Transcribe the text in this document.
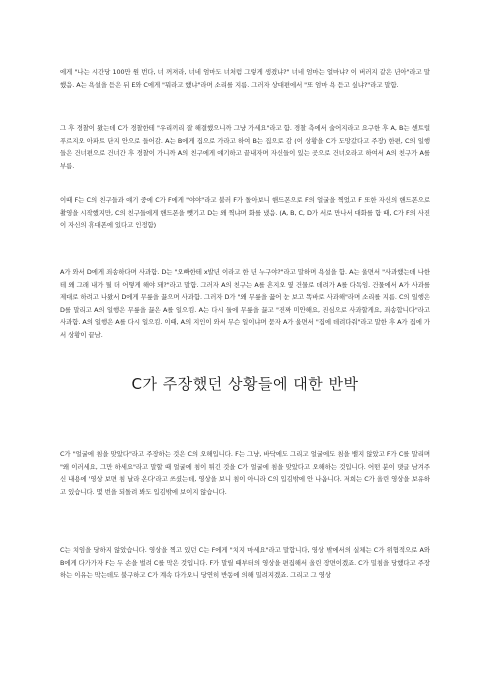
에게 "나는 시간당 100만 원 번다, 너 꺼져라, 너네 엄마도 너처럼 그렇게 생겼냐?" 너네 엄마는 얼마냐? 이 버러지 같은 년아"라고 말했음. A는 욕설을 듣은 뒤 E와 C에게 "뭐라고 했냐"라며 소리를 지름. 그러자 상대편에서 "또 엄마 욕 듣고 싶냐?"라고 말함.

그 후 경찰이 왔는데 C가 경찰한테 "우리끼리 잘 해결했으니까 그냥 가세요"라고 함. 경찰 측에서 술어지라고 요구한 후 A, B는 센트럴 푸르지오 아파트 단지 안으로 들어감. A는 B에게 집으로 가라고 하여 B는 집으로 감 (이 상황을 C가 도망갔다고 주장) 한편, C의 일행들은 건너편으로 건너간 후 경찰이 가니까 A의 친구에게 얘기하고 끝내자며 자신들이 있는 곳으로 건너오라고 하여서 A의 친구가 A를 부름.

이때 F는 C의 친구들과 얘기 중에 C가 F에게 "야야"라고 불러 F가 돌아보니 핸드폰으로 F의 얼굴을 찍었고 F 또한 자신의 핸드폰으로 촬영을 시작했지만, C의 친구들에게 핸드폰을 뺏기고 D는 왜 찍냐며 화를 냈음. (A, B, C, D가 서로 만나서 대화를 함 때, C가 F의 사진이 자신의 휴대폰에 있다고 인정함)

A가 와서 D에게 죄송하다며 사과함. D는 "오빠한테 x발년 이라고 한 년 누구야?"라고 말하며 욕설을 함. A는 울면서 "사과했는데 나한테 왜 그래 내가 뭘 더 어떻게 해야 돼?"라고 말함. 그러자 A의 친구는 A를 흔지오 옆 건물로 데려가 A를 다독임. 건물에서 A가 사과를 제대로 하려고 나왔서 D에게 무릎을 끓으며 사과함. 그러자 D가 "왜 무릎을 꿇어 눈 보고 똑바로 사과해"라며 소리를 지름. C의 일행은 D를 말리고 A의 일행은 무릎을 끓은 A를 일으킴. A는 다시 둘에 무릎을 끓고 "진짜 미안해요, 진심으로 사과할게요, 죄송합니다"라고 사과함. A의 일행은 A를 다시 일으킴. 이때, A의 지인이 와서 무슨 일이냐며 묻자 A가 울면서 "집에 데려다줘"라고 말한 후 A가 집에 가서 상황이 끝남.

C가 주장했던 상황들에 대한 반박

C가 "얼굴에 침을 맞았다"라고 주장하는 것은 C의 오해입니다. F는 그냥, 바닥에도 그리고 얼굴에도 침을 뱉지 않았고 F가 C를 말리며 "왜 이러세요, 그만 하세요"라고 말할 때 얼굴에 침이 튀긴 것을 C가 얼굴에 침을 맞았다고 오해하는 것입니다. 어떤 분이 댓글 남겨주신 내용에 '영상 보면 침 날라 온다'라고 쓰셨는데, 영상을 보니 침이 아니라 C의 입김밖에 안 나옵니다. 저희는 C가 올린 영상을 보유하고 있습니다. 몇 번을 되돌려 봐도 입김밖에 보이지 않습니다.

C는 치임을 당하지 않았습니다. 영상을 찍고 있던 C는 F에게 "치지 마세요"라고 말합니다, 영상 밖에서의 실체는 C가 위협적으로 A와 B에게 다가가자 F는 두 손을 벌려 C를 막은 것입니다. F가 말릴 때부터의 영상을 편집해서 올린 장면이겠죠. C가 밀침을 당했다고 주장하는 이유는 막는데도 불구하고 C가 계속 다가오니 당연히 반동에 의해 밀려지겠죠. 그리고 그 영상
